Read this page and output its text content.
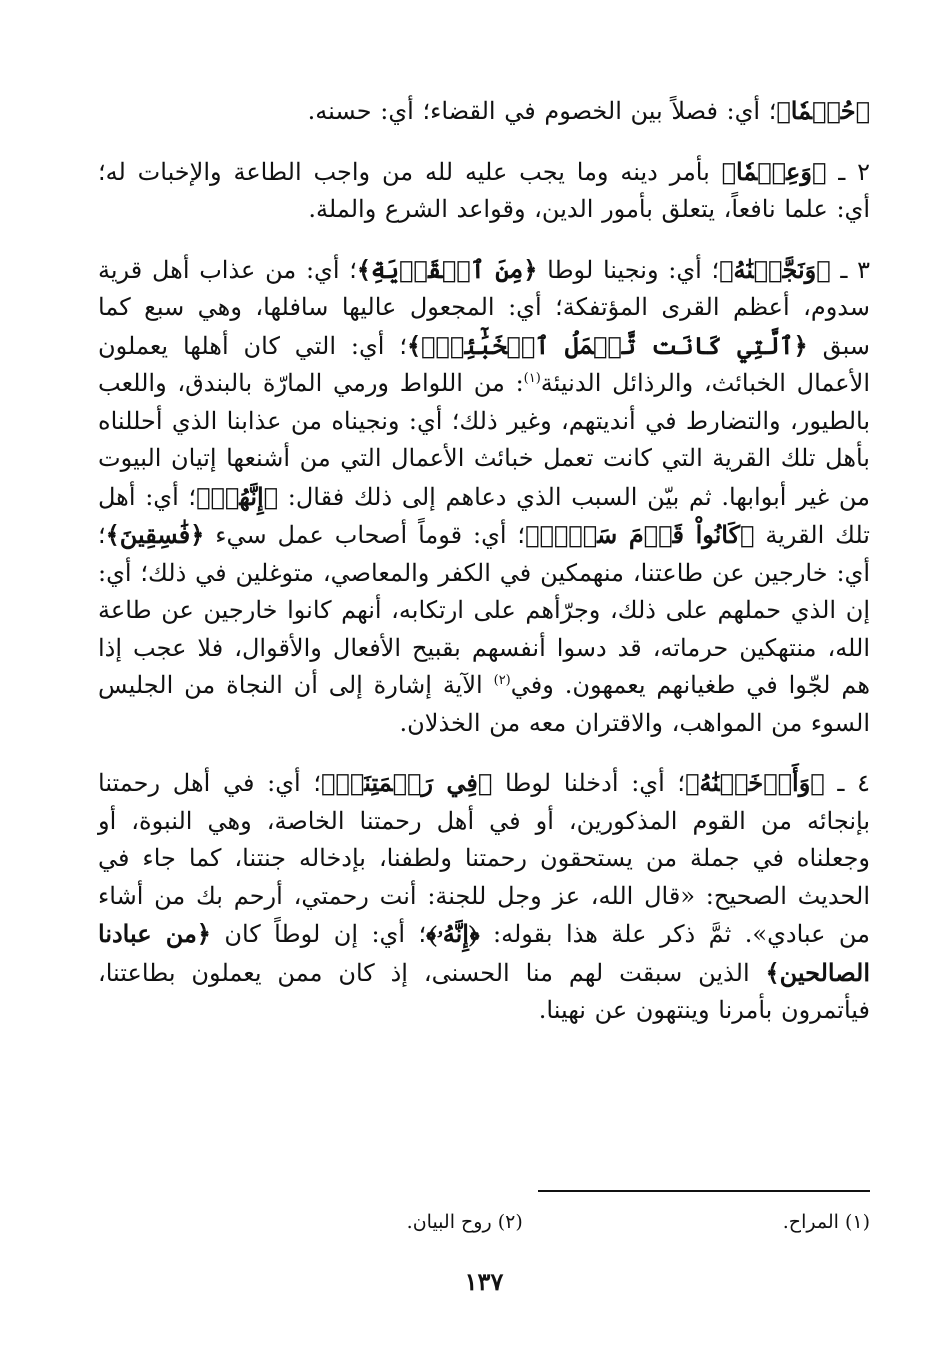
﴿حُكۡمٗا﴾؛ أي: فصلاً بين الخصوم في القضاء؛ أي: حسنه.

٢ ـ ﴿وَعِلۡمٗا﴾ بأمر دينه وما يجب عليه لله من واجب الطاعة والإخبات له؛ أي: علما نافعاً، يتعلق بأمور الدين، وقواعد الشرع والملة.

٣ ـ ﴿وَنَجَّيۡنَٰهُ﴾؛ أي: ونجينا لوطا ﴿مِنَ ٱلۡقَرۡيَةِ﴾؛ أي: من عذاب أهل قرية سدوم، أعظم القرى المؤتفكة؛ أي: المجعول عاليها سافلها، وهي سبع كما سبق ﴿ٱلَّتِي كَانَت تَّعۡمَلُ ٱلۡخَبَٰٓئِثَۚ﴾؛ أي: التي كان أهلها يعملون الأعمال الخبائث، والرذائل الدنيئة$^{(١)}$: من اللواط ورمي المارّة بالبندق، واللعب بالطيور، والتضارط في أنديتهم، وغير ذلك؛ أي: ونجيناه من عذابنا الذي أحللناه بأهل تلك القرية التي كانت تعمل خبائث الأعمال التي من أشنعها إتيان البيوت من غير أبوابها. ثم بيّن السبب الذي دعاهم إلى ذلك فقال: ﴿إِنَّهُمۡ﴾؛ أي: أهل تلك القرية ﴿كَانُواْ قَوۡمَ سَوۡءٖ﴾؛ أي: قوماً أصحاب عمل سيء ﴿فَٰسِقِينَ﴾؛ أي: خارجين عن طاعتنا، منهمكين في الكفر والمعاصي، متوغلين في ذلك؛ أي: إن الذي حملهم على ذلك، وجرّأهم على ارتكابه، أنهم كانوا خارجين عن طاعة الله، منتهكين حرماته، قد دسوا أنفسهم بقبيح الأفعال والأقوال، فلا عجب إذا هم لجّوا في طغيانهم يعمهون. وفي$^{(٢)}$ الآية إشارة إلى أن النجاة من الجليس السوء من المواهب، والاقتران معه من الخذلان.

٤ ـ ﴿وَأَدۡخَلۡنَٰهُ﴾؛ أي: أدخلنا لوطا ﴿فِي رَحۡمَتِنَآۖ﴾؛ أي: في أهل رحمتنا بإنجائه من القوم المذكورين، أو في أهل رحمتنا الخاصة، وهي النبوة، أو وجعلناه في جملة من يستحقون رحمتنا ولطفنا، بإدخاله جنتنا، كما جاء في الحديث الصحيح: «قال الله، عز وجل للجنة: أنت رحمتي، أرحم بك من أشاء من عبادي». ثمَّ ذكر علة هذا بقوله: ﴿إِنَّهُۥ﴾؛ أي: إن لوطاً كان ﴿من عبادنا الصالحين﴾ الذين سبقت لهم منا الحسنى، إذ كان ممن يعملون بطاعتنا، فيأتمرون بأمرنا وينتهون عن نهينا.

(١) المراح.
(٢) روح البيان.
١٣٧
